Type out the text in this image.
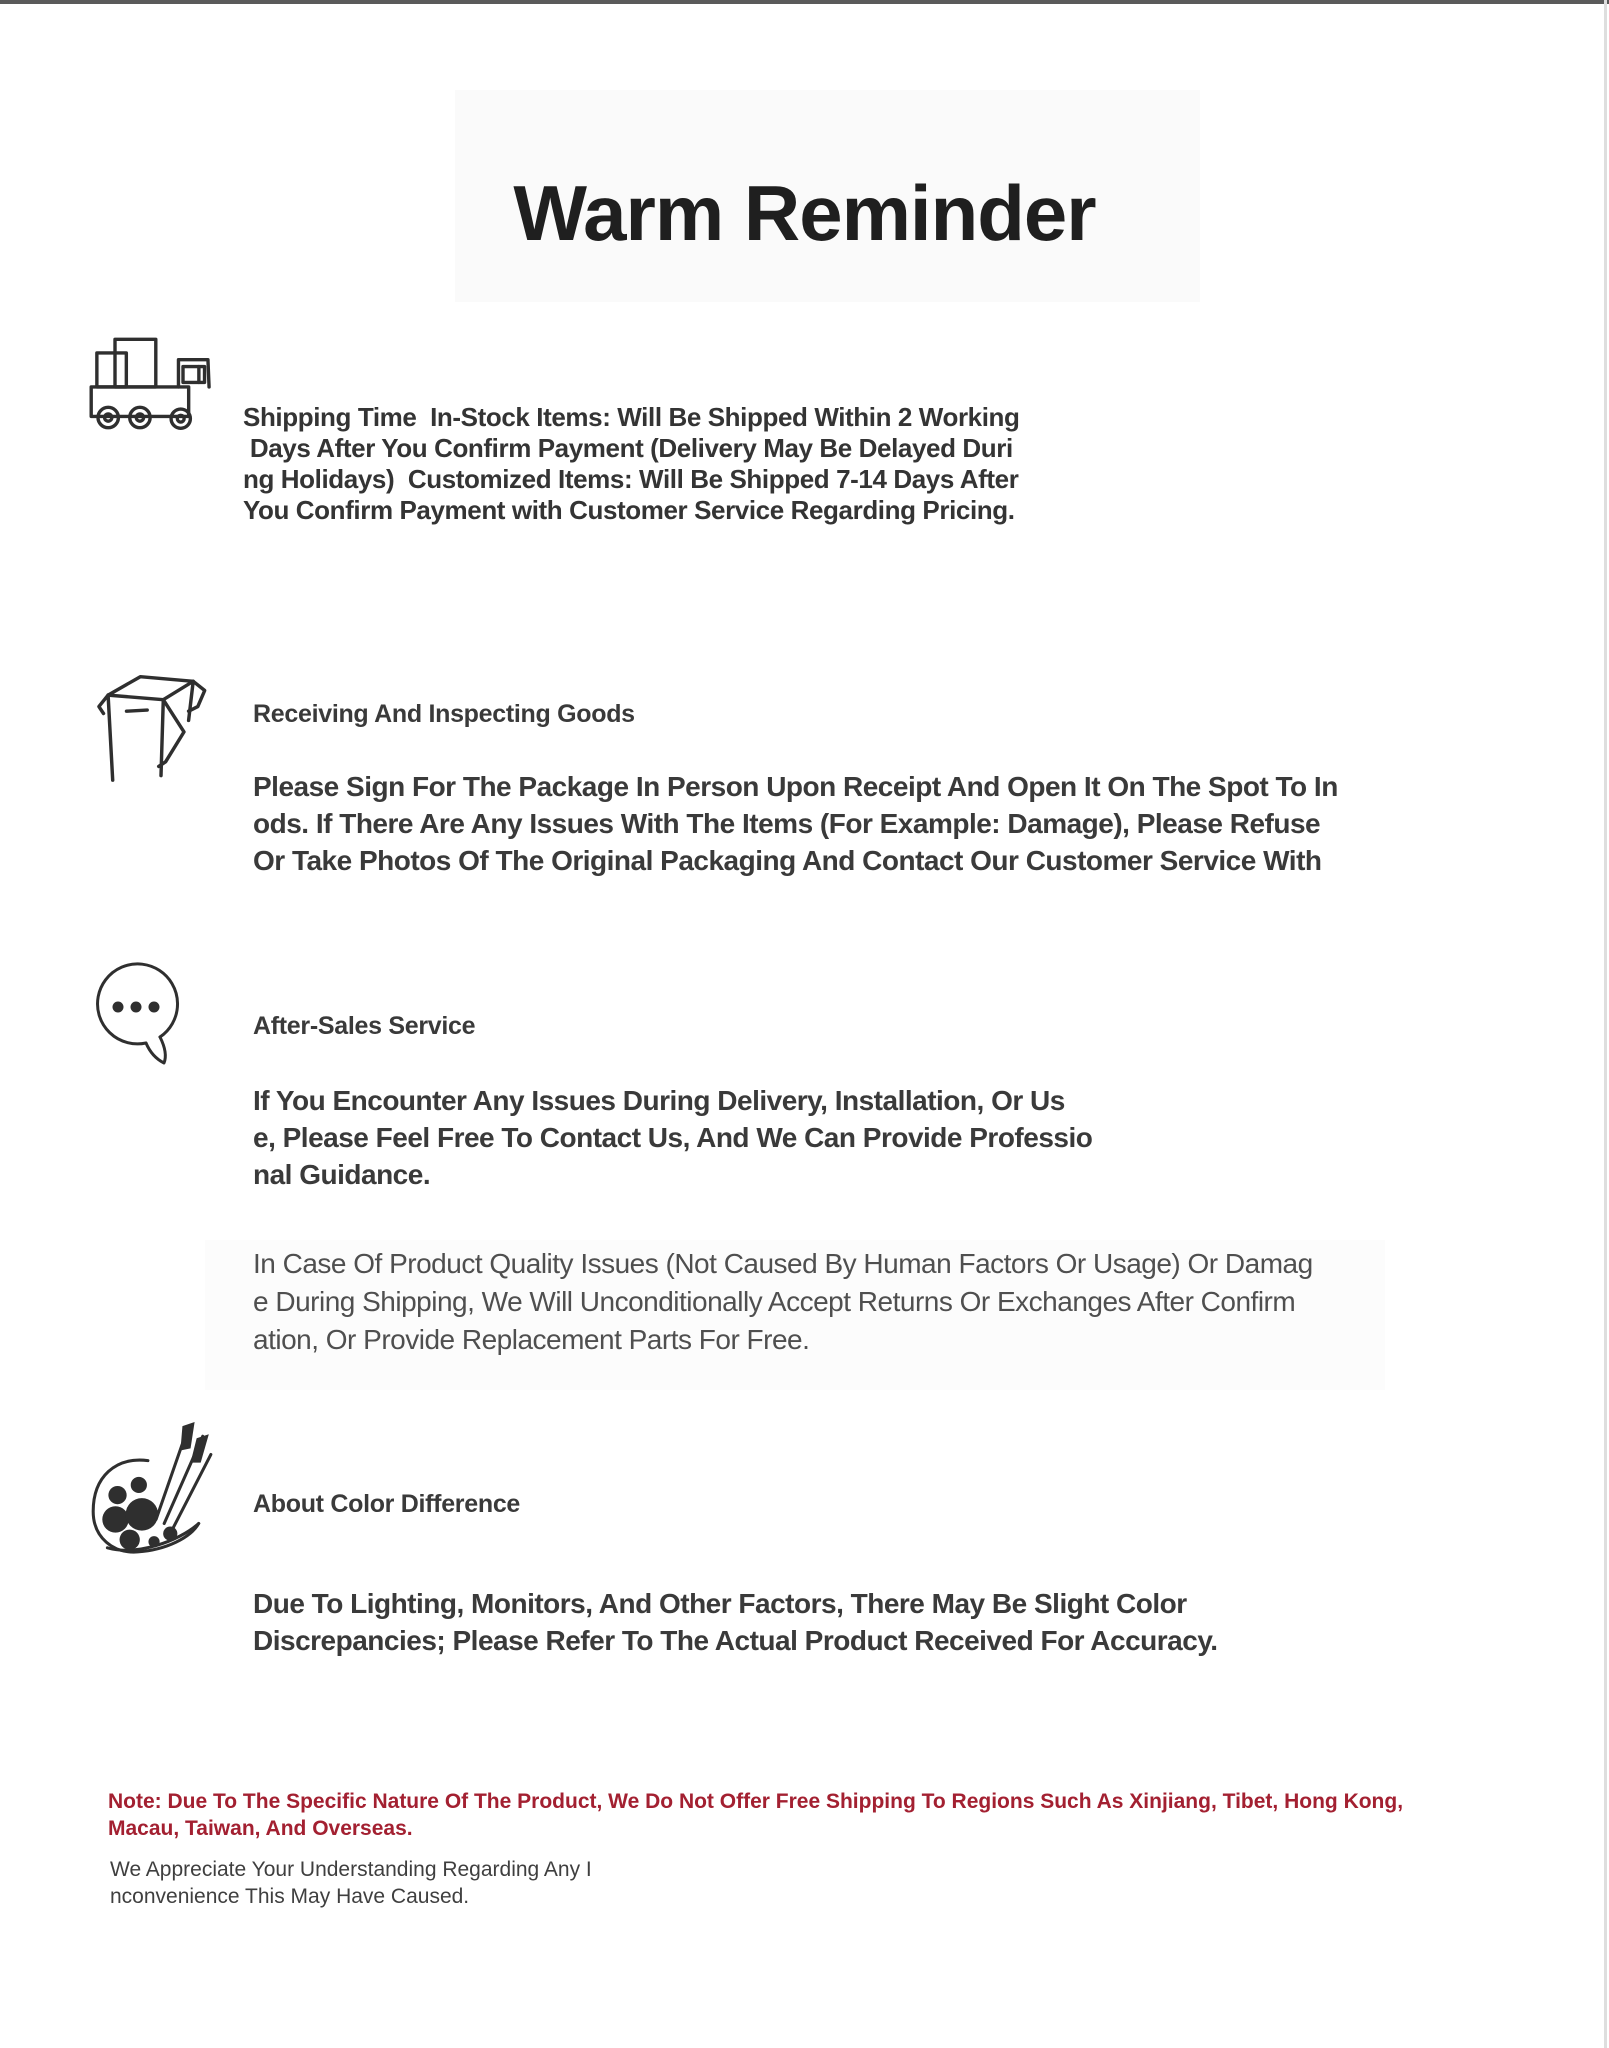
Warm Reminder
Shipping Time  In-Stock Items: Will Be Shipped Within 2 Working
Days After You Confirm Payment (Delivery May Be Delayed Duri
ng Holidays)  Customized Items: Will Be Shipped 7-14 Days After
You Confirm Payment with Customer Service Regarding Pricing.
Receiving And Inspecting Goods
Please Sign For The Package In Person Upon Receipt And Open It On The Spot To In
ods. If There Are Any Issues With The Items (For Example: Damage), Please Refuse
Or Take Photos Of The Original Packaging And Contact Our Customer Service With
After-Sales Service
If You Encounter Any Issues During Delivery, Installation, Or Us
e, Please Feel Free To Contact Us, And We Can Provide Professio
nal Guidance.
In Case Of Product Quality Issues (Not Caused By Human Factors Or Usage) Or Damag
e During Shipping, We Will Unconditionally Accept Returns Or Exchanges After Confirm
ation, Or Provide Replacement Parts For Free.
About Color Difference
Due To Lighting, Monitors, And Other Factors, There May Be Slight Color
Discrepancies; Please Refer To The Actual Product Received For Accuracy.
Note: Due To The Specific Nature Of The Product, We Do Not Offer Free Shipping To Regions Such As Xinjiang, Tibet, Hong Kong,
Macau, Taiwan, And Overseas.
We Appreciate Your Understanding Regarding Any I
nconvenience This May Have Caused.
